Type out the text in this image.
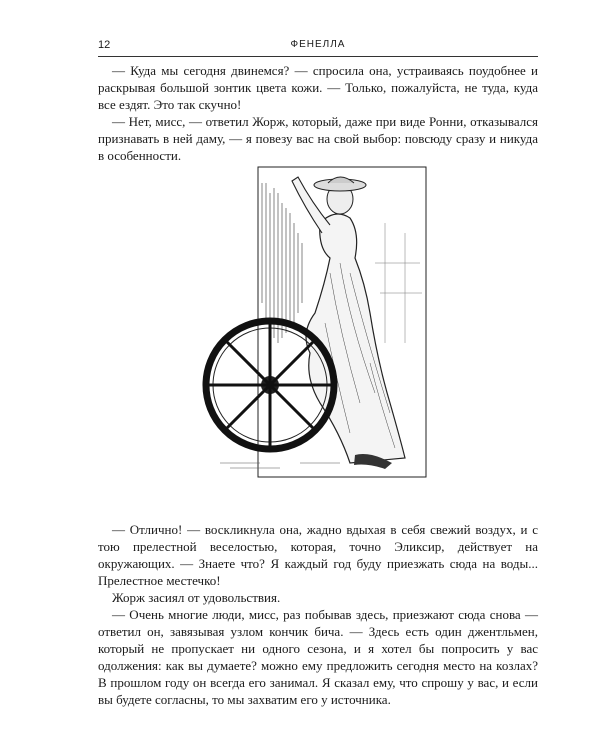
12	ФЕНЕЛЛА

— Куда мы сегодня двинемся? — спросила она, устраиваясь поудобнее и раскрывая большой зонтик цвета кожи. — Только, пожалуйста, не туда, куда все ездят. Это так скучно!

— Нет, мисс, — ответил Жорж, который, даже при виде Ронни, отказывался признавать в ней даму, — я повезу вас на свой выбор: повсюду сразу и никуда в особенности.

— Отлично! — воскликнула она, жадно вдыхая в себя свежий воздух, и с тою прелестной веселостью, которая, точно Эликсир, действует на окружающих. — Знаете что? Я каждый год буду приезжать сюда на воды... Прелестное местечко!

Жорж засиял от удовольствия.

— Очень многие люди, мисс, раз побывав здесь, приезжают сюда снова — ответил он, завязывая узлом кончик бича. — Здесь есть один джентльмен, который не пропускает ни одного сезона, и я хотел бы попросить у вас одолжения: как вы думаете? можно ему предложить сегодня место на козлах? В прошлом году он всегда его занимал. Я сказал ему, что спрошу у вас, и если вы будете согласны, то мы захватим его у источника.
